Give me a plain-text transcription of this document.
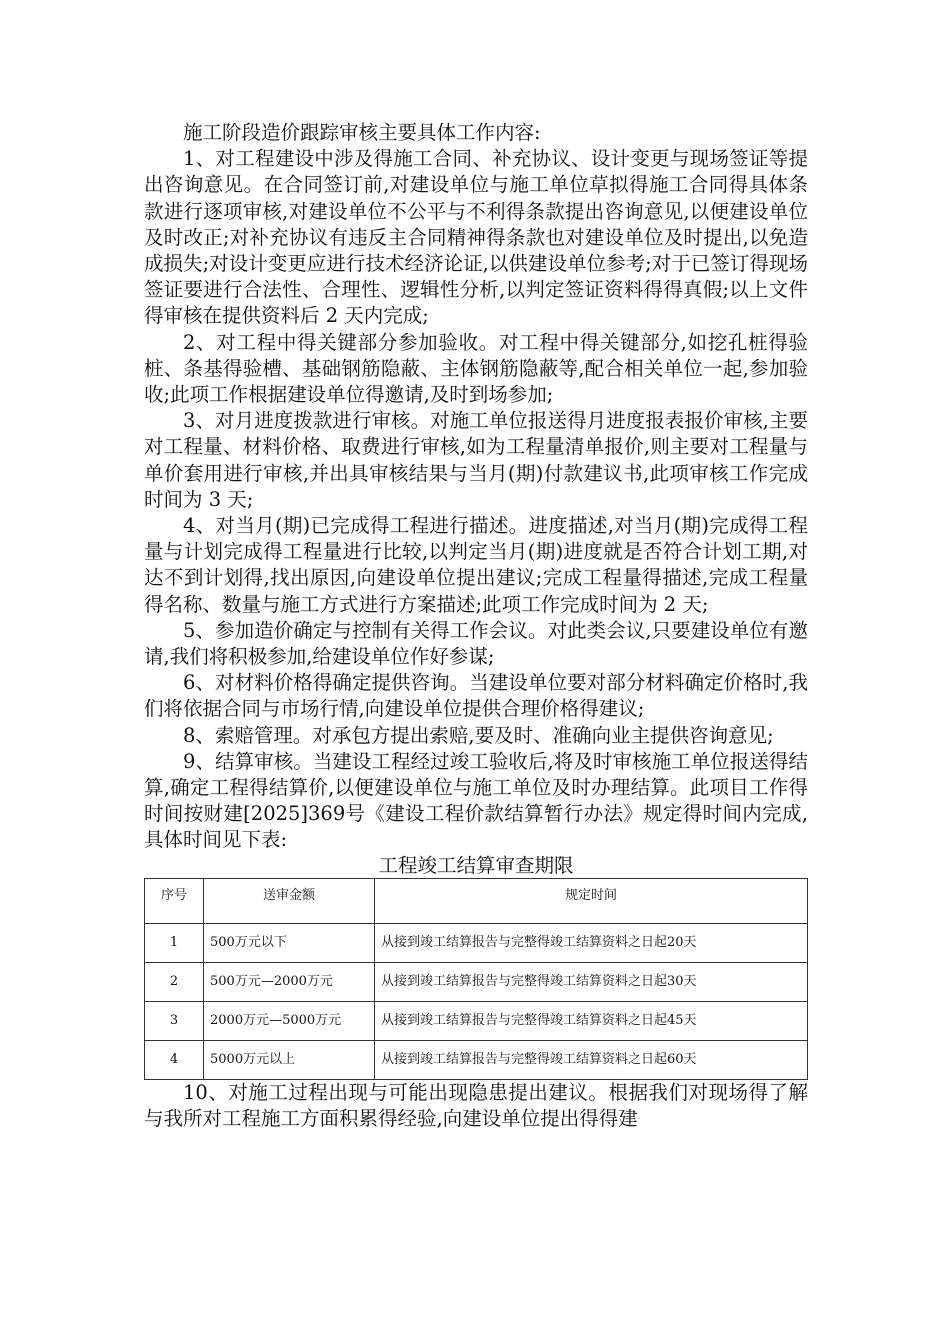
施工阶段造价跟踪审核主要具体工作内容:

1、对工程建设中涉及得施工合同、补充协议、设计变更与现场签证等提出咨询意见。在合同签订前,对建设单位与施工单位草拟得施工合同得具体条款进行逐项审核,对建设单位不公平与不利得条款提出咨询意见,以便建设单位及时改正;对补充协议有违反主合同精神得条款也对建设单位及时提出,以免造成损失;对设计变更应进行技术经济论证,以供建设单位参考;对于已签订得现场签证要进行合法性、合理性、逻辑性分析,以判定签证资料得得真假;以上文件得审核在提供资料后 2 天内完成;

2、对工程中得关键部分参加验收。对工程中得关键部分,如挖孔桩得验桩、条基得验槽、基础钢筋隐蔽、主体钢筋隐蔽等,配合相关单位一起,参加验收;此项工作根据建设单位得邀请,及时到场参加;

3、对月进度拨款进行审核。对施工单位报送得月进度报表报价审核,主要对工程量、材料价格、取费进行审核,如为工程量清单报价,则主要对工程量与单价套用进行审核,并出具审核结果与当月(期)付款建议书,此项审核工作完成时间为 3 天;

4、对当月(期)已完成得工程进行描述。进度描述,对当月(期)完成得工程量与计划完成得工程量进行比较,以判定当月(期)进度就是否符合计划工期,对达不到计划得,找出原因,向建设单位提出建议;完成工程量得描述,完成工程量得名称、数量与施工方式进行方案描述;此项工作完成时间为 2 天;

5、参加造价确定与控制有关得工作会议。对此类会议,只要建设单位有邀请,我们将积极参加,给建设单位作好参谋;

6、对材料价格得确定提供咨询。当建设单位要对部分材料确定价格时,我们将依据合同与市场行情,向建设单位提供合理价格得建议;

8、索赔管理。对承包方提出索赔,要及时、准确向业主提供咨询意见;

9、结算审核。当建设工程经过竣工验收后,将及时审核施工单位报送得结算,确定工程得结算价,以便建设单位与施工单位及时办理结算。此项目工作得时间按财建[2025]369号《建设工程价款结算暂行办法》规定得时间内完成,具体时间见下表:

工程竣工结算审查期限
序号	送审金额	规定时间
1	500万元以下	从接到竣工结算报告与完整得竣工结算资料之日起20天
2	500万元—2000万元	从接到竣工结算报告与完整得竣工结算资料之日起30天
3	2000万元—5000万元	从接到竣工结算报告与完整得竣工结算资料之日起45天
4	5000万元以上	从接到竣工结算报告与完整得竣工结算资料之日起60天

10、对施工过程出现与可能出现隐患提出建议。根据我们对现场得了解与我所对工程施工方面积累得经验,向建设单位提出得得建
